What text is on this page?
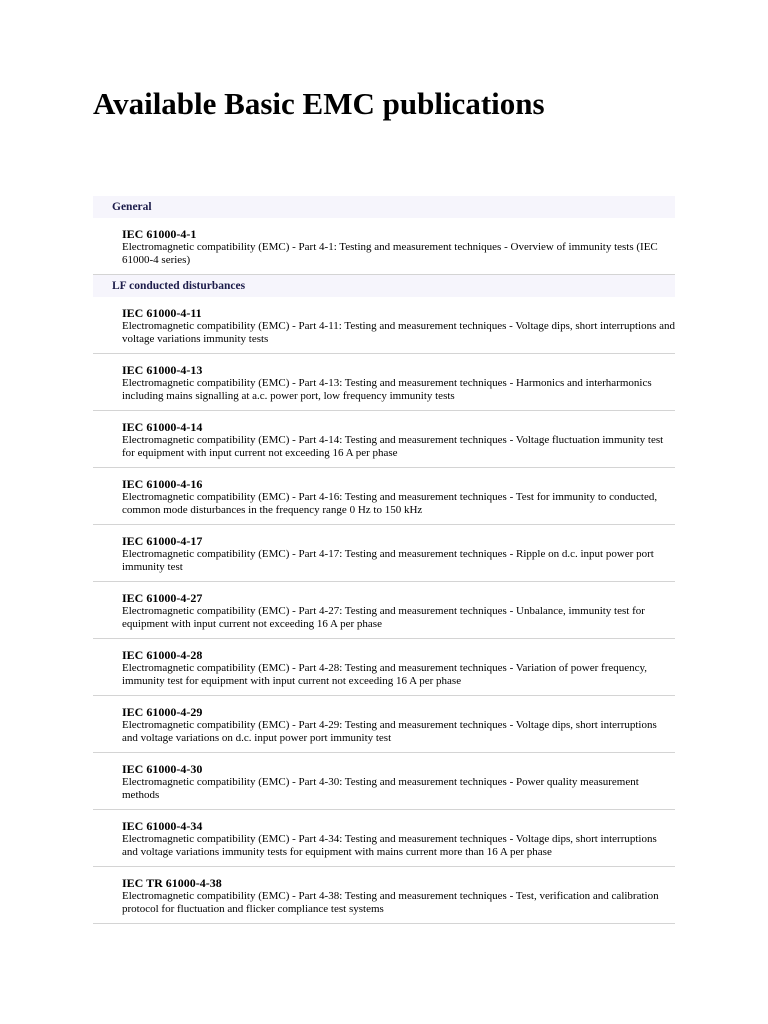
Available Basic EMC publications
General
IEC 61000-4-1
Electromagnetic compatibility (EMC) - Part 4-1: Testing and measurement techniques - Overview of immunity tests (IEC 61000-4 series)
LF conducted disturbances
IEC 61000-4-11
Electromagnetic compatibility (EMC) - Part 4-11: Testing and measurement techniques - Voltage dips, short interruptions and voltage variations immunity tests
IEC 61000-4-13
Electromagnetic compatibility (EMC) - Part 4-13: Testing and measurement techniques - Harmonics and interharmonics including mains signalling at a.c. power port, low frequency immunity tests
IEC 61000-4-14
Electromagnetic compatibility (EMC) - Part 4-14: Testing and measurement techniques - Voltage fluctuation immunity test for equipment with input current not exceeding 16 A per phase
IEC 61000-4-16
Electromagnetic compatibility (EMC) - Part 4-16: Testing and measurement techniques - Test for immunity to conducted, common mode disturbances in the frequency range 0 Hz to 150 kHz
IEC 61000-4-17
Electromagnetic compatibility (EMC) - Part 4-17: Testing and measurement techniques - Ripple on d.c. input power port immunity test
IEC 61000-4-27
Electromagnetic compatibility (EMC) - Part 4-27: Testing and measurement techniques - Unbalance, immunity test for equipment with input current not exceeding 16 A per phase
IEC 61000-4-28
Electromagnetic compatibility (EMC) - Part 4-28: Testing and measurement techniques - Variation of power frequency, immunity test for equipment with input current not exceeding 16 A per phase
IEC 61000-4-29
Electromagnetic compatibility (EMC) - Part 4-29: Testing and measurement techniques - Voltage dips, short interruptions and voltage variations on d.c. input power port immunity test
IEC 61000-4-30
Electromagnetic compatibility (EMC) - Part 4-30: Testing and measurement techniques - Power quality measurement methods
IEC 61000-4-34
Electromagnetic compatibility (EMC) - Part 4-34: Testing and measurement techniques - Voltage dips, short interruptions and voltage variations immunity tests for equipment with mains current more than 16 A per phase
IEC TR 61000-4-38
Electromagnetic compatibility (EMC) - Part 4-38: Testing and measurement techniques - Test, verification and calibration protocol for fluctuation and flicker compliance test systems
